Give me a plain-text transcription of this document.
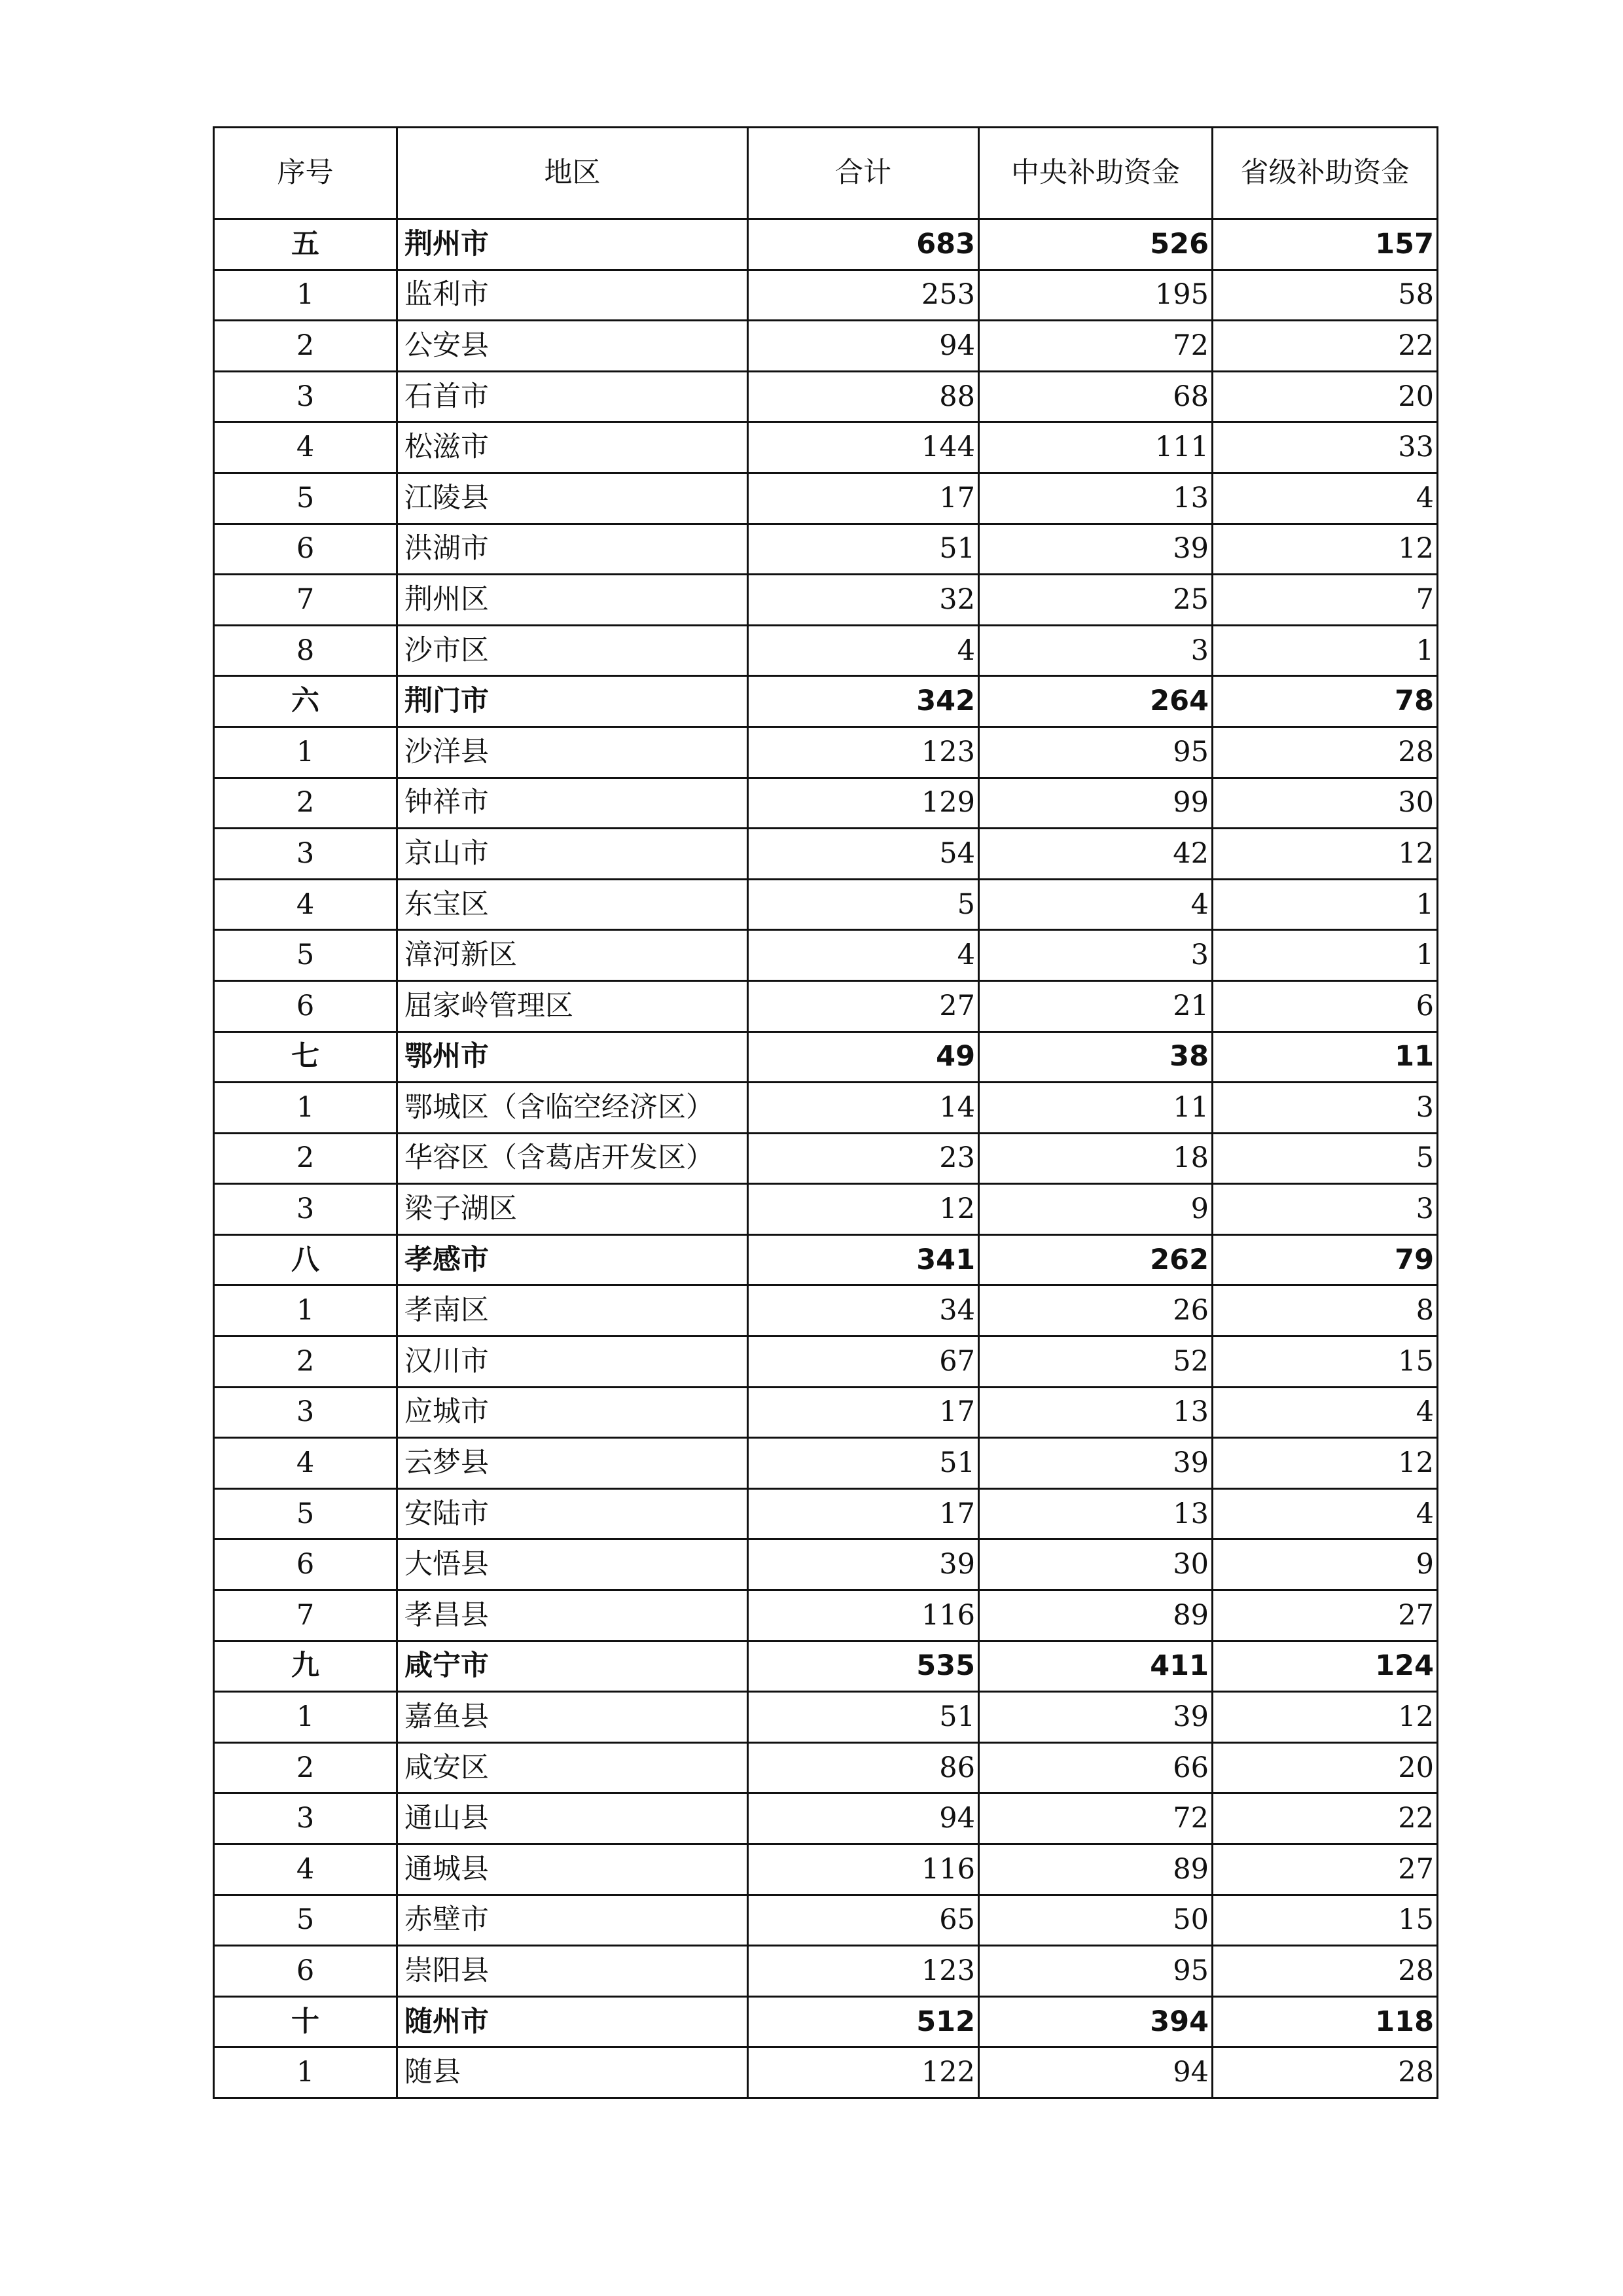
序号	地区	合计	中央补助资金	省级补助资金
五	荆州市	683	526	157
1	监利市	253	195	58
2	公安县	94	72	22
3	石首市	88	68	20
4	松滋市	144	111	33
5	江陵县	17	13	4
6	洪湖市	51	39	12
7	荆州区	32	25	7
8	沙市区	4	3	1
六	荆门市	342	264	78
1	沙洋县	123	95	28
2	钟祥市	129	99	30
3	京山市	54	42	12
4	东宝区	5	4	1
5	漳河新区	4	3	1
6	屈家岭管理区	27	21	6
七	鄂州市	49	38	11
1	鄂城区（含临空经济区）	14	11	3
2	华容区（含葛店开发区）	23	18	5
3	梁子湖区	12	9	3
八	孝感市	341	262	79
1	孝南区	34	26	8
2	汉川市	67	52	15
3	应城市	17	13	4
4	云梦县	51	39	12
5	安陆市	17	13	4
6	大悟县	39	30	9
7	孝昌县	116	89	27
九	咸宁市	535	411	124
1	嘉鱼县	51	39	12
2	咸安区	86	66	20
3	通山县	94	72	22
4	通城县	116	89	27
5	赤壁市	65	50	15
6	崇阳县	123	95	28
十	随州市	512	394	118
1	随县	122	94	28
